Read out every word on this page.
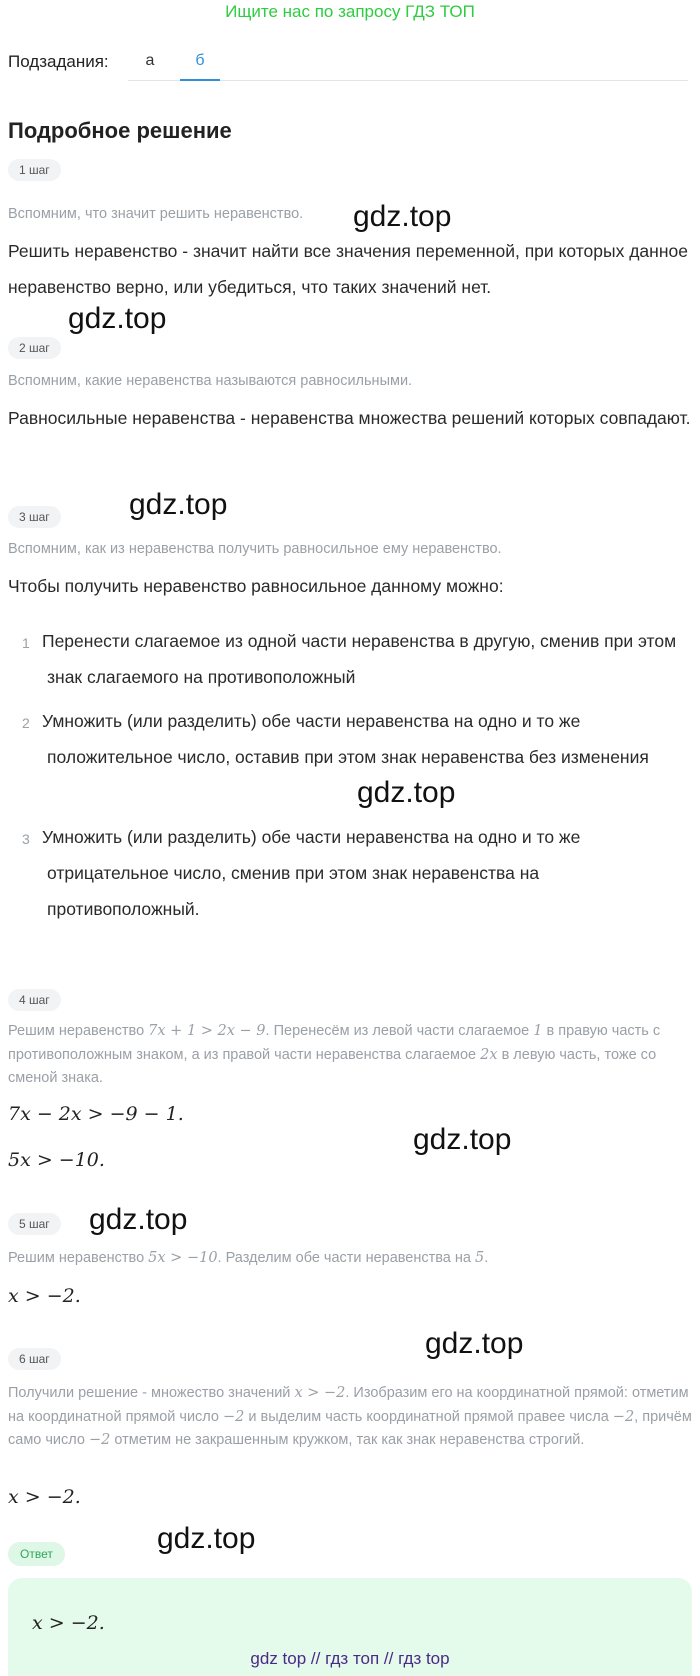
Ищите нас по запросу ГДЗ ТОП
Подзадания:	а	б
Подробное решение
1 шаг
Вспомним, что значит решить неравенство.
Решить неравенство - значит найти все значения переменной, при которых данное неравенство верно, или убедиться, что таких значений нет.
2 шаг
Вспомним, какие неравенства называются равносильными.
Равносильные неравенства - неравенства множества решений которых совпадают.
3 шаг
Вспомним, как из неравенства получить равносильное ему неравенство.
Чтобы получить неравенство равносильное данному можно:
1 Перенести слагаемое из одной части неравенства в другую, сменив при этом знак слагаемого на противоположный
2 Умножить (или разделить) обе части неравенства на одно и то же положительное число, оставив при этом знак неравенства без изменения
3 Умножить (или разделить) обе части неравенства на одно и то же отрицательное число, сменив при этом знак неравенства на противоположный.
4 шаг
Решим неравенство 7x + 1 > 2x − 9. Перенесём из левой части слагаемое 1 в правую часть с противоположным знаком, а из правой части неравенства слагаемое 2x в левую часть, тоже со сменой знака.
7x − 2x > −9 − 1.
5x > −10.
5 шаг
Решим неравенство 5x > −10. Разделим обе части неравенства на 5.
x > −2.
6 шаг
Получили решение - множество значений x > −2. Изобразим его на координатной прямой: отметим на координатной прямой число −2 и выделим часть координатной прямой правее числа −2, причём само число −2 отметим не закрашенным кружком, так как знак неравенства строгий.
x > −2.
Ответ
x > −2.
gdz.top
gdz.top
gdz.top
gdz.top
gdz.top
gdz.top
gdz.top
gdz.top
gdz top // гдз топ // гдз top
